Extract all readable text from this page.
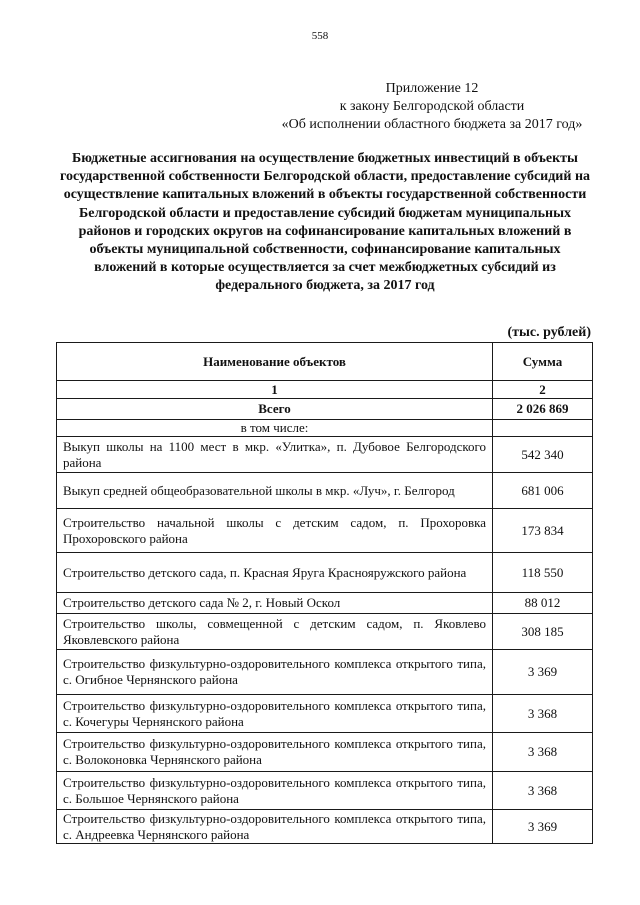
558
Приложение 12
к закону Белгородской области
«Об исполнении областного бюджета за 2017 год»
Бюджетные ассигнования на осуществление бюджетных инвестиций в объекты государственной собственности Белгородской области, предоставление субсидий на осуществление капитальных вложений в объекты государственной собственности Белгородской области и предоставление субсидий бюджетам муниципальных районов и городских округов на софинансирование капитальных вложений в объекты муниципальной собственности, софинансирование капитальных вложений в которые осуществляется за счет межбюджетных субсидий из федерального бюджета, за 2017 год
(тыс. рублей)
Наименование объектов	Сумма
1	2
Всего	2 026 869
в том числе:	
Выкуп школы на 1100 мест в мкр. «Улитка», п. Дубовое Белгородского района	542 340
Выкуп средней общеобразовательной школы в мкр. «Луч», г. Белгород	681 006
Строительство начальной школы с детским садом, п. Прохоровка Прохоровского района	173 834
Строительство детского сада, п. Красная Яруга Краснояружского района	118 550
Строительство детского сада № 2, г. Новый Оскол	88 012
Строительство школы, совмещенной с детским садом, п. Яковлево Яковлевского района	308 185
Строительство физкультурно-оздоровительного комплекса открытого типа, с. Огибное Чернянского района	3 369
Строительство физкультурно-оздоровительного комплекса открытого типа, с. Кочегуры Чернянского района	3 368
Строительство физкультурно-оздоровительного комплекса открытого типа, с. Волоконовка Чернянского района	3 368
Строительство физкультурно-оздоровительного комплекса открытого типа, с. Большое Чернянского района	3 368
Строительство физкультурно-оздоровительного комплекса открытого типа, с. Андреевка Чернянского района	3 369
